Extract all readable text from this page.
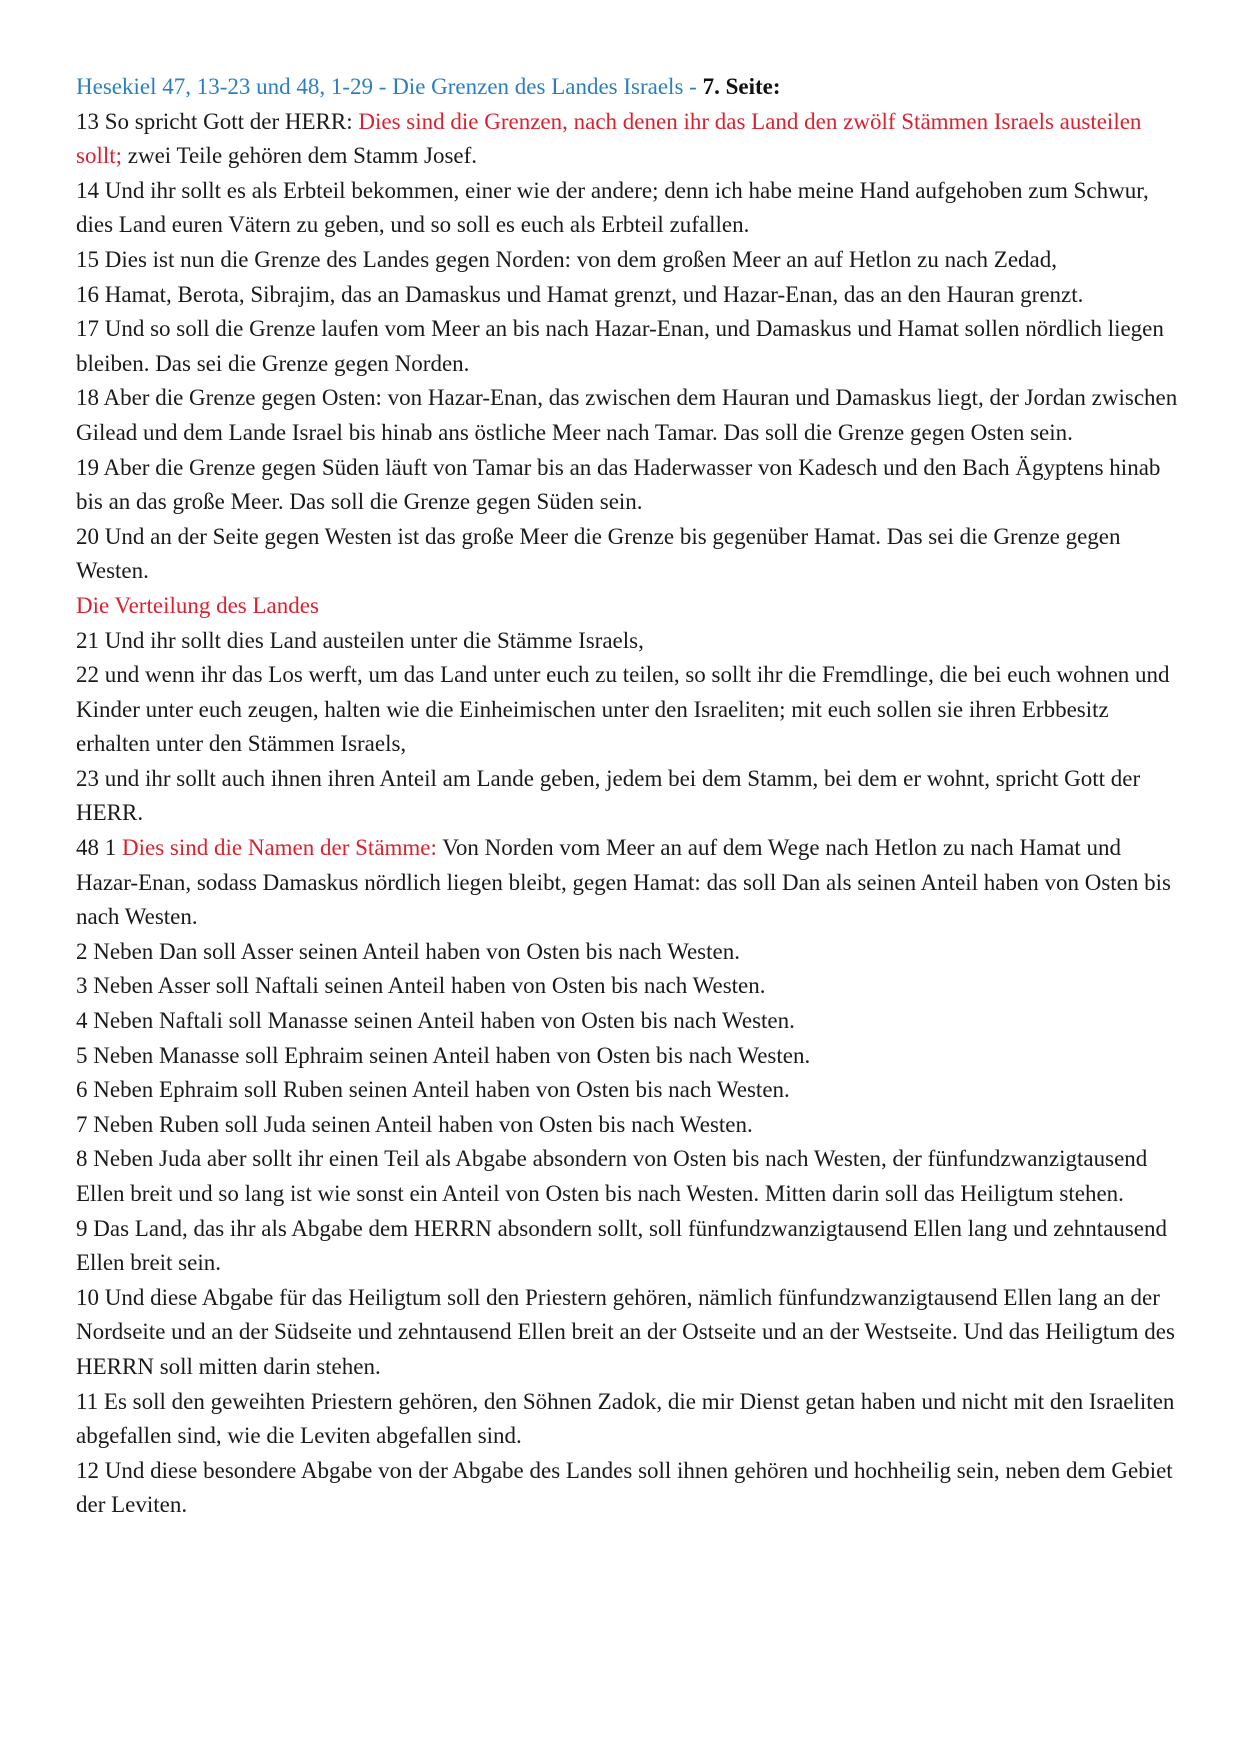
Hesekiel 47, 13-23 und 48, 1-29 - Die Grenzen des Landes Israels - 7. Seite:

13 So spricht Gott der HERR: Dies sind die Grenzen, nach denen ihr das Land den zwölf Stämmen Israels austeilen sollt; zwei Teile gehören dem Stamm Josef.

14 Und ihr sollt es als Erbteil bekommen, einer wie der andere; denn ich habe meine Hand aufgehoben zum Schwur, dies Land euren Vätern zu geben, und so soll es euch als Erbteil zufallen.

15 Dies ist nun die Grenze des Landes gegen Norden: von dem großen Meer an auf Hetlon zu nach Zedad,

16 Hamat, Berota, Sibrajim, das an Damaskus und Hamat grenzt, und Hazar-Enan, das an den Hauran grenzt.

17 Und so soll die Grenze laufen vom Meer an bis nach Hazar-Enan, und Damaskus und Hamat sollen nördlich liegen bleiben. Das sei die Grenze gegen Norden.

18 Aber die Grenze gegen Osten: von Hazar-Enan, das zwischen dem Hauran und Damaskus liegt, der Jordan zwischen Gilead und dem Lande Israel bis hinab ans östliche Meer nach Tamar. Das soll die Grenze gegen Osten sein.

19 Aber die Grenze gegen Süden läuft von Tamar bis an das Haderwasser von Kadesch und den Bach Ägyptens hinab bis an das große Meer. Das soll die Grenze gegen Süden sein.

20 Und an der Seite gegen Westen ist das große Meer die Grenze bis gegenüber Hamat. Das sei die Grenze gegen Westen.

Die Verteilung des Landes

21 Und ihr sollt dies Land austeilen unter die Stämme Israels,

22 und wenn ihr das Los werft, um das Land unter euch zu teilen, so sollt ihr die Fremdlinge, die bei euch wohnen und Kinder unter euch zeugen, halten wie die Einheimischen unter den Israeliten; mit euch sollen sie ihren Erbbesitz erhalten unter den Stämmen Israels,

23 und ihr sollt auch ihnen ihren Anteil am Lande geben, jedem bei dem Stamm, bei dem er wohnt, spricht Gott der HERR.

48 1 Dies sind die Namen der Stämme: Von Norden vom Meer an auf dem Wege nach Hetlon zu nach Hamat und Hazar-Enan, sodass Damaskus nördlich liegen bleibt, gegen Hamat: das soll Dan als seinen Anteil haben von Osten bis nach Westen.

2 Neben Dan soll Asser seinen Anteil haben von Osten bis nach Westen.

3 Neben Asser soll Naftali seinen Anteil haben von Osten bis nach Westen.

4 Neben Naftali soll Manasse seinen Anteil haben von Osten bis nach Westen.

5 Neben Manasse soll Ephraim seinen Anteil haben von Osten bis nach Westen.

6 Neben Ephraim soll Ruben seinen Anteil haben von Osten bis nach Westen.

7 Neben Ruben soll Juda seinen Anteil haben von Osten bis nach Westen.

8 Neben Juda aber sollt ihr einen Teil als Abgabe absondern von Osten bis nach Westen, der fünfundzwanzigtausend Ellen breit und so lang ist wie sonst ein Anteil von Osten bis nach Westen. Mitten darin soll das Heiligtum stehen.

9 Das Land, das ihr als Abgabe dem HERRN absondern sollt, soll fünfundzwanzigtausend Ellen lang und zehntausend Ellen breit sein.

10 Und diese Abgabe für das Heiligtum soll den Priestern gehören, nämlich fünfundzwanzigtausend Ellen lang an der Nordseite und an der Südseite und zehntausend Ellen breit an der Ostseite und an der Westseite. Und das Heiligtum des HERRN soll mitten darin stehen.

11 Es soll den geweihten Priestern gehören, den Söhnen Zadok, die mir Dienst getan haben und nicht mit den Israeliten abgefallen sind, wie die Leviten abgefallen sind.

12 Und diese besondere Abgabe von der Abgabe des Landes soll ihnen gehören und hochheilig sein, neben dem Gebiet der Leviten.
